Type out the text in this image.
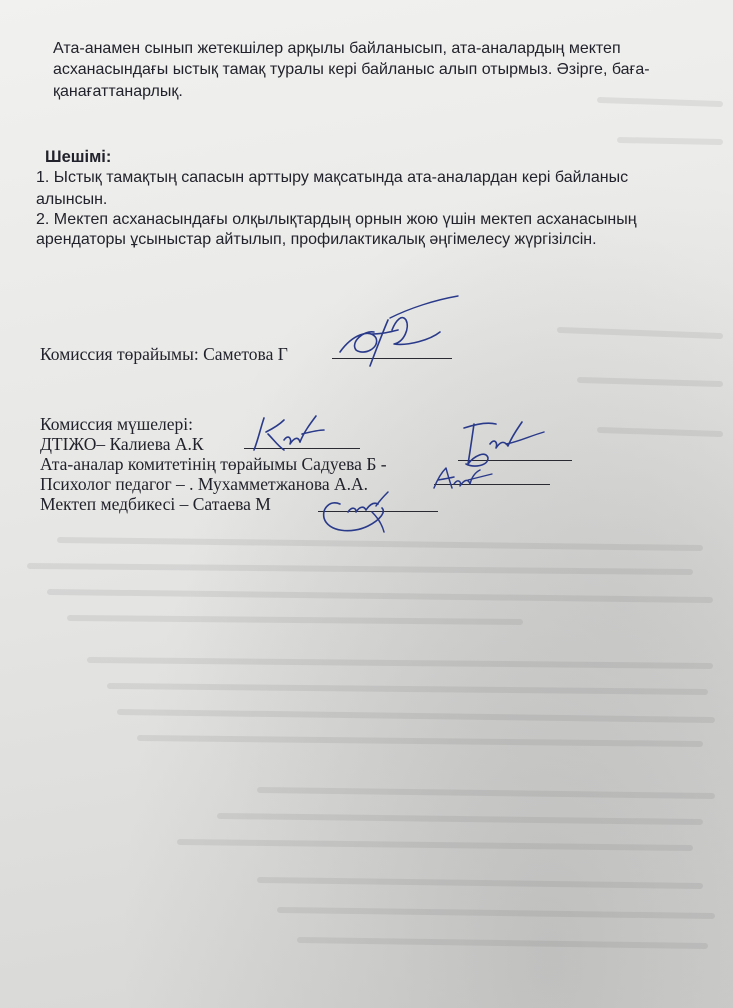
Ата-анамен сынып жетекшілер арқылы байланысып, ата-аналардың мектеп
асханасындағы ыстық тамақ туралы кері байланыс алып отырмыз. Әзірге, баға-
қанағаттанарлық.
Шешімі:
1. Ыстық тамақтың сапасын арттыру мақсатында ата-аналардан кері байланыс
алынсын.
2. Мектеп асханасындағы олқылықтардың орнын жою үшін мектеп асханасының
арендаторы ұсыныстар айтылып, профилактикалық әңгімелесу жүргізілсін.
Комиссия төрайымы: Саметова Г
Комиссия мүшелері:
ДТІЖО– Калиева А.К
Ата-аналар комитетінің төрайымы Садуева Б -
Психолог педагог – . Мухамметжанова А.А.
Мектеп медбикесі – Сатаева М
